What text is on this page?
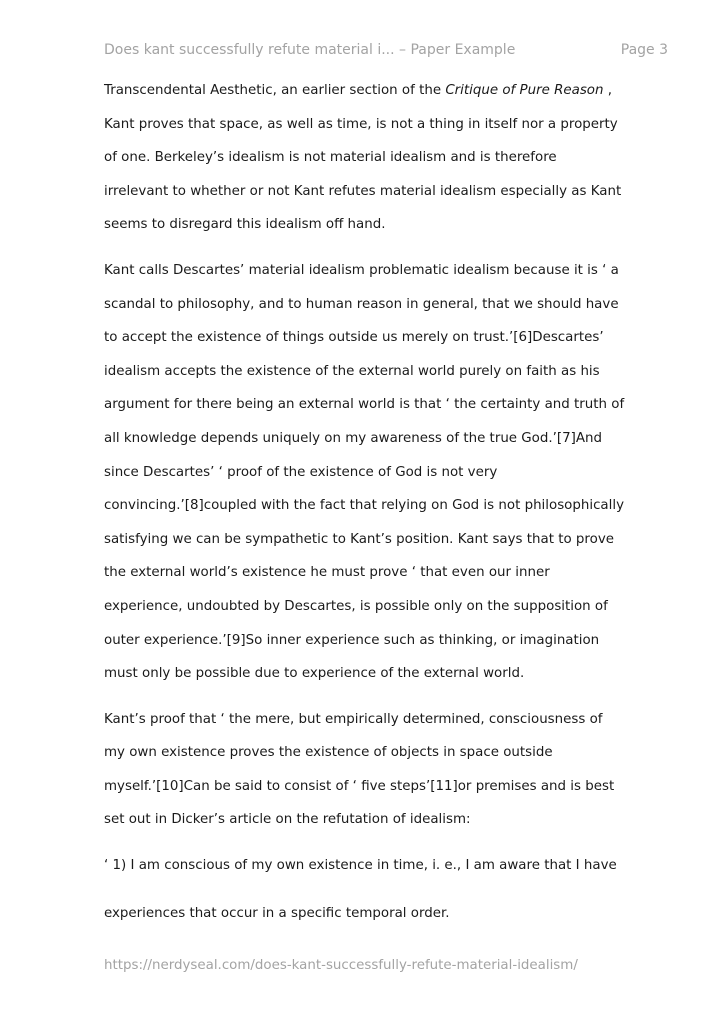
Does kant successfully refute material i... – Paper Example	Page 3
Transcendental Aesthetic, an earlier section of the Critique of Pure Reason ,
Kant proves that space, as well as time, is not a thing in itself nor a property
of one. Berkeley’s idealism is not material idealism and is therefore
irrelevant to whether or not Kant refutes material idealism especially as Kant
seems to disregard this idealism off hand.
Kant calls Descartes’ material idealism problematic idealism because it is ‘ a
scandal to philosophy, and to human reason in general, that we should have
to accept the existence of things outside us merely on trust.’[6]Descartes’
idealism accepts the existence of the external world purely on faith as his
argument for there being an external world is that ‘ the certainty and truth of
all knowledge depends uniquely on my awareness of the true God.’[7]And
since Descartes’ ‘ proof of the existence of God is not very
convincing.’[8]coupled with the fact that relying on God is not philosophically
satisfying we can be sympathetic to Kant’s position. Kant says that to prove
the external world’s existence he must prove ‘ that even our inner
experience, undoubted by Descartes, is possible only on the supposition of
outer experience.’[9]So inner experience such as thinking, or imagination
must only be possible due to experience of the external world.
Kant’s proof that ‘ the mere, but empirically determined, consciousness of
my own existence proves the existence of objects in space outside
myself.’[10]Can be said to consist of ‘ five steps’[11]or premises and is best
set out in Dicker’s article on the refutation of idealism:
‘ 1) I am conscious of my own existence in time, i. e., I am aware that I have
experiences that occur in a specific temporal order.
https://nerdyseal.com/does-kant-successfully-refute-material-idealism/
